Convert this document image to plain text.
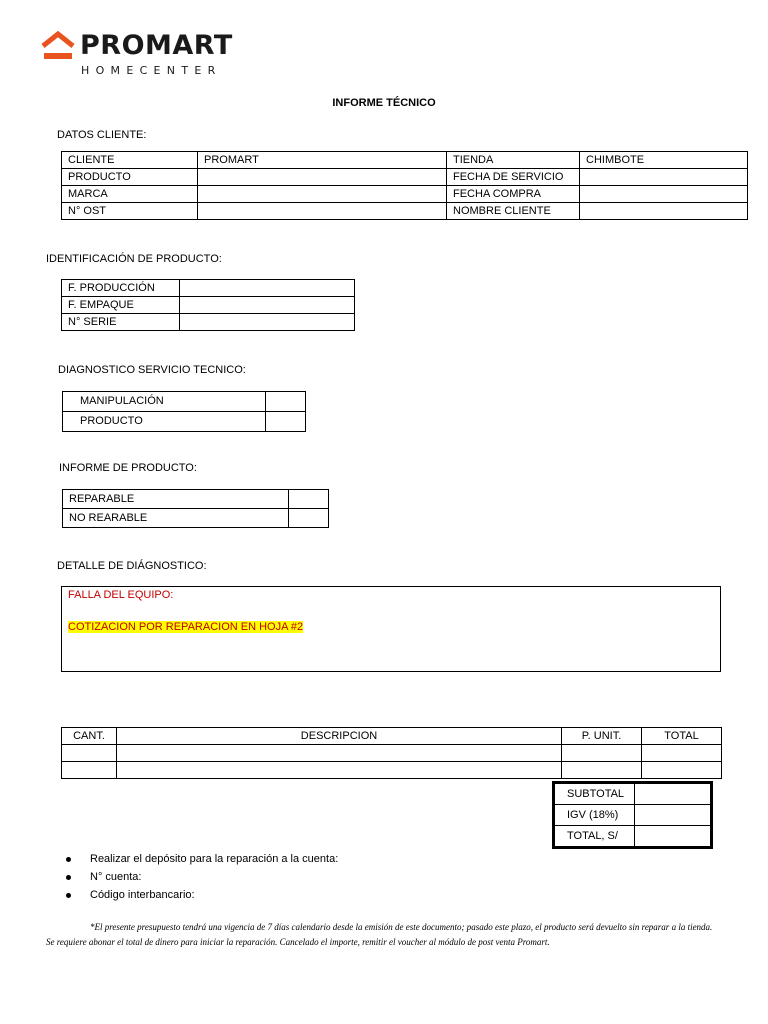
PROMART
HOMECENTER
INFORME TÉCNICO
DATOS CLIENTE:
CLIENTE	PROMART	TIENDA	CHIMBOTE
PRODUCTO		FECHA DE SERVICIO	
MARCA		FECHA COMPRA	
N° OST		NOMBRE CLIENTE	
IDENTIFICACIÓN DE PRODUCTO:
F. PRODUCCIÓN	
F. EMPAQUE	
N° SERIE	
DIAGNOSTICO SERVICIO TECNICO:
MANIPULACIÓN	
PRODUCTO	
INFORME DE PRODUCTO:
REPARABLE	
NO REARABLE	
DETALLE DE DIÁGNOSTICO:
FALLA DEL EQUIPO:
COTIZACION POR REPARACION EN HOJA #2
CANT.	DESCRIPCION	P. UNIT.	TOTAL

SUBTOTAL	
IGV (18%)	
TOTAL, S/	
Realizar el depósito para la reparación a la cuenta:
N° cuenta:
Código interbancario:
*El presente presupuesto tendrá una vigencia de 7 días calendario desde la emisión de este documento; pasado este plazo, el producto será devuelto sin reparar a la tienda. Se requiere abonar el total de dinero para iniciar la reparación. Cancelado el importe, remitir el voucher al módulo de post venta Promart.
